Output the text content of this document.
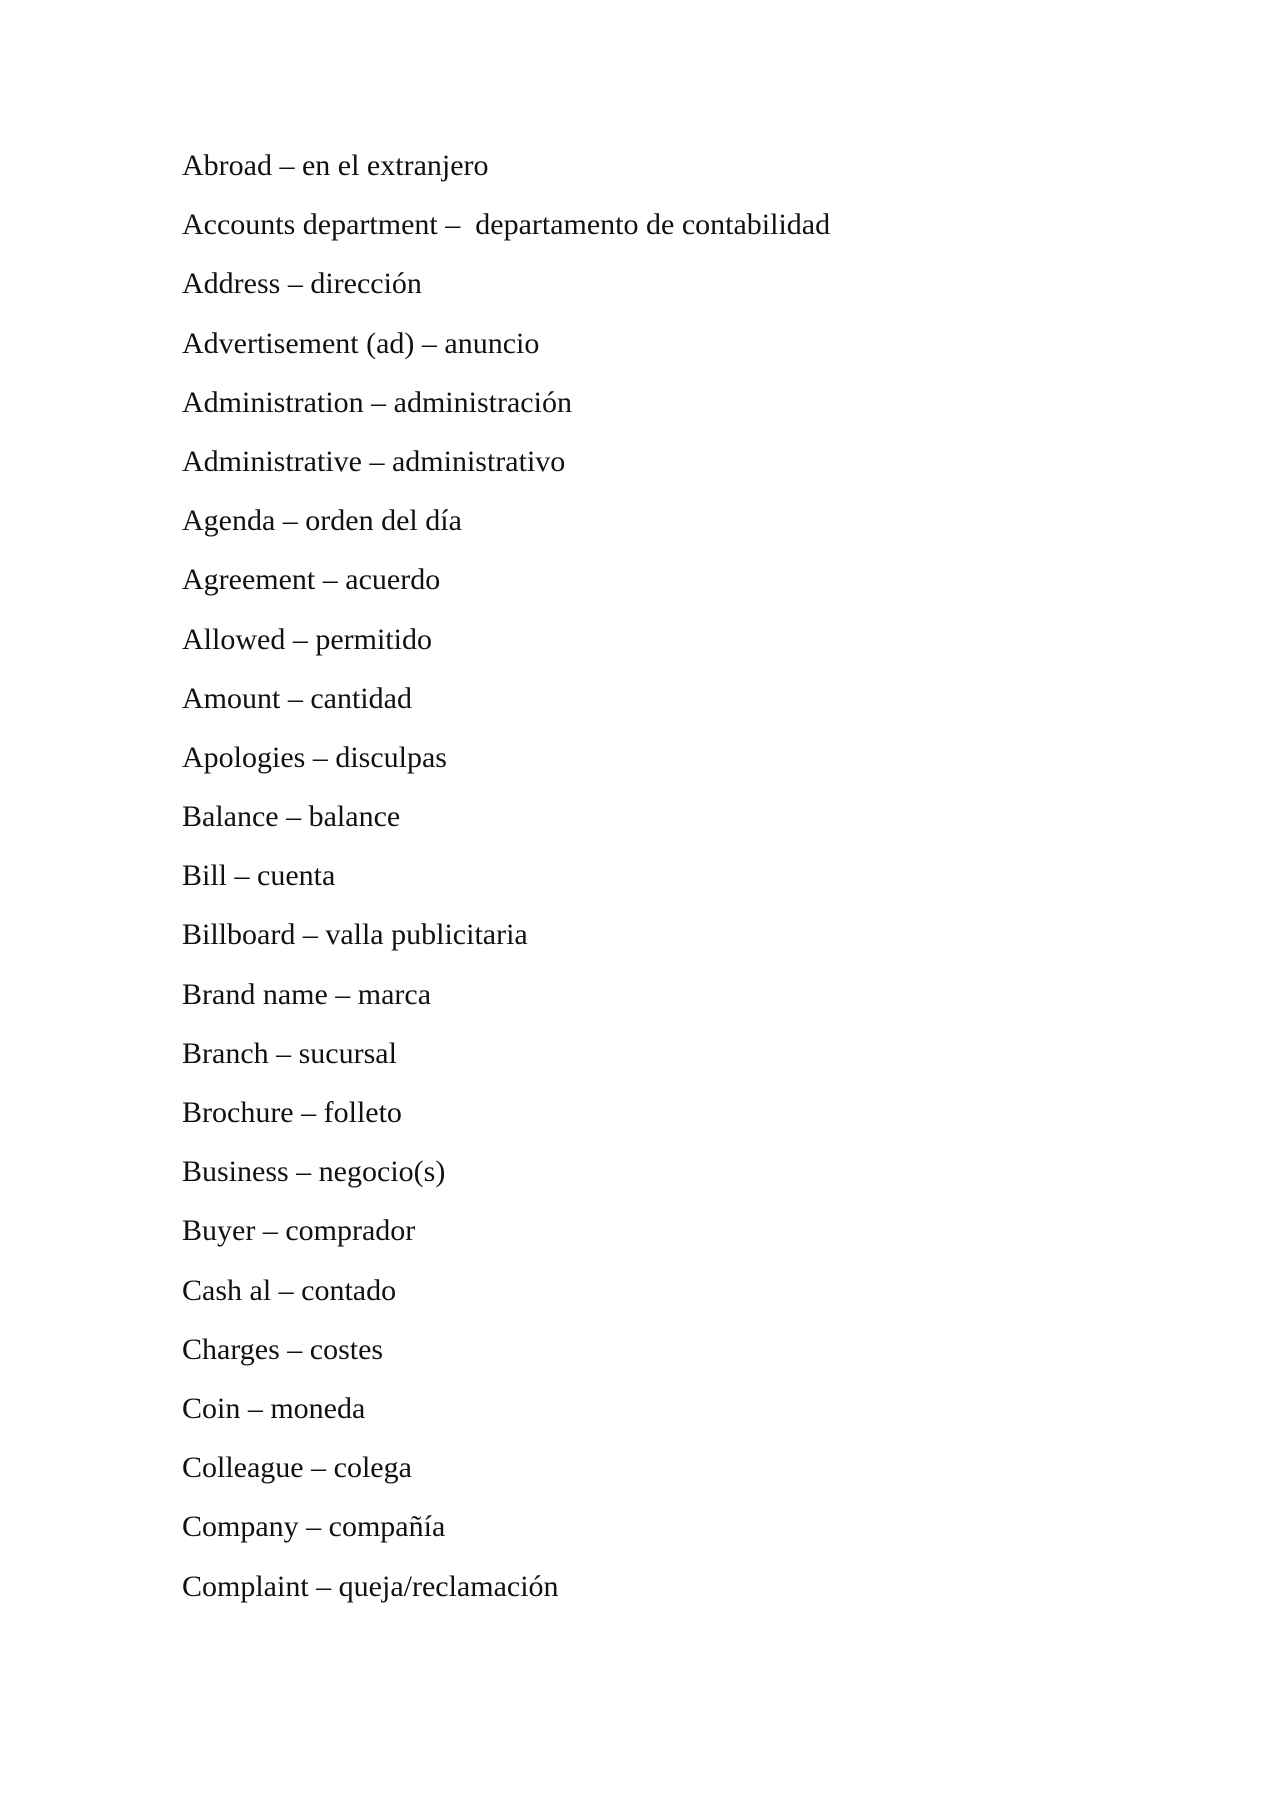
Abroad – en el extranjero
Accounts department –  departamento de contabilidad
Address – dirección
Advertisement (ad) – anuncio
Administration – administración
Administrative – administrativo
Agenda – orden del día
Agreement – acuerdo
Allowed – permitido
Amount – cantidad
Apologies – disculpas
Balance – balance
Bill – cuenta
Billboard – valla publicitaria
Brand name – marca
Branch – sucursal
Brochure – folleto
Business – negocio(s)
Buyer – comprador
Cash al – contado
Charges – costes
Coin – moneda
Colleague – colega
Company – compañía
Complaint – queja/reclamación
